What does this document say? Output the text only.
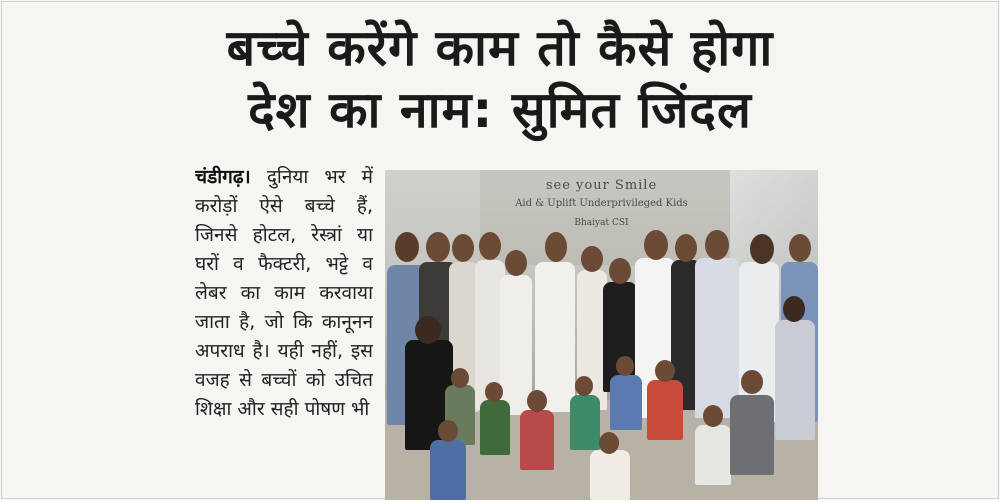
बच्चे करेंगे काम तो कैसे होगा
देश का नाम: सुमित जिंदल
चंडीगढ़। दुनिया भर में करोड़ों ऐसे बच्चे हैं, जिनसे होटल, रेस्त्रां या घरों व फैक्टरी, भट्टे व लेबर का काम करवाया जाता है, जो कि कानूनन अपराध है। यही नहीं, इस वजह से बच्चों को उचित शिक्षा और सही पोषण भी
see your Smile
Aid & Uplift Underprivileged Kids
Bhaiyat CSI
